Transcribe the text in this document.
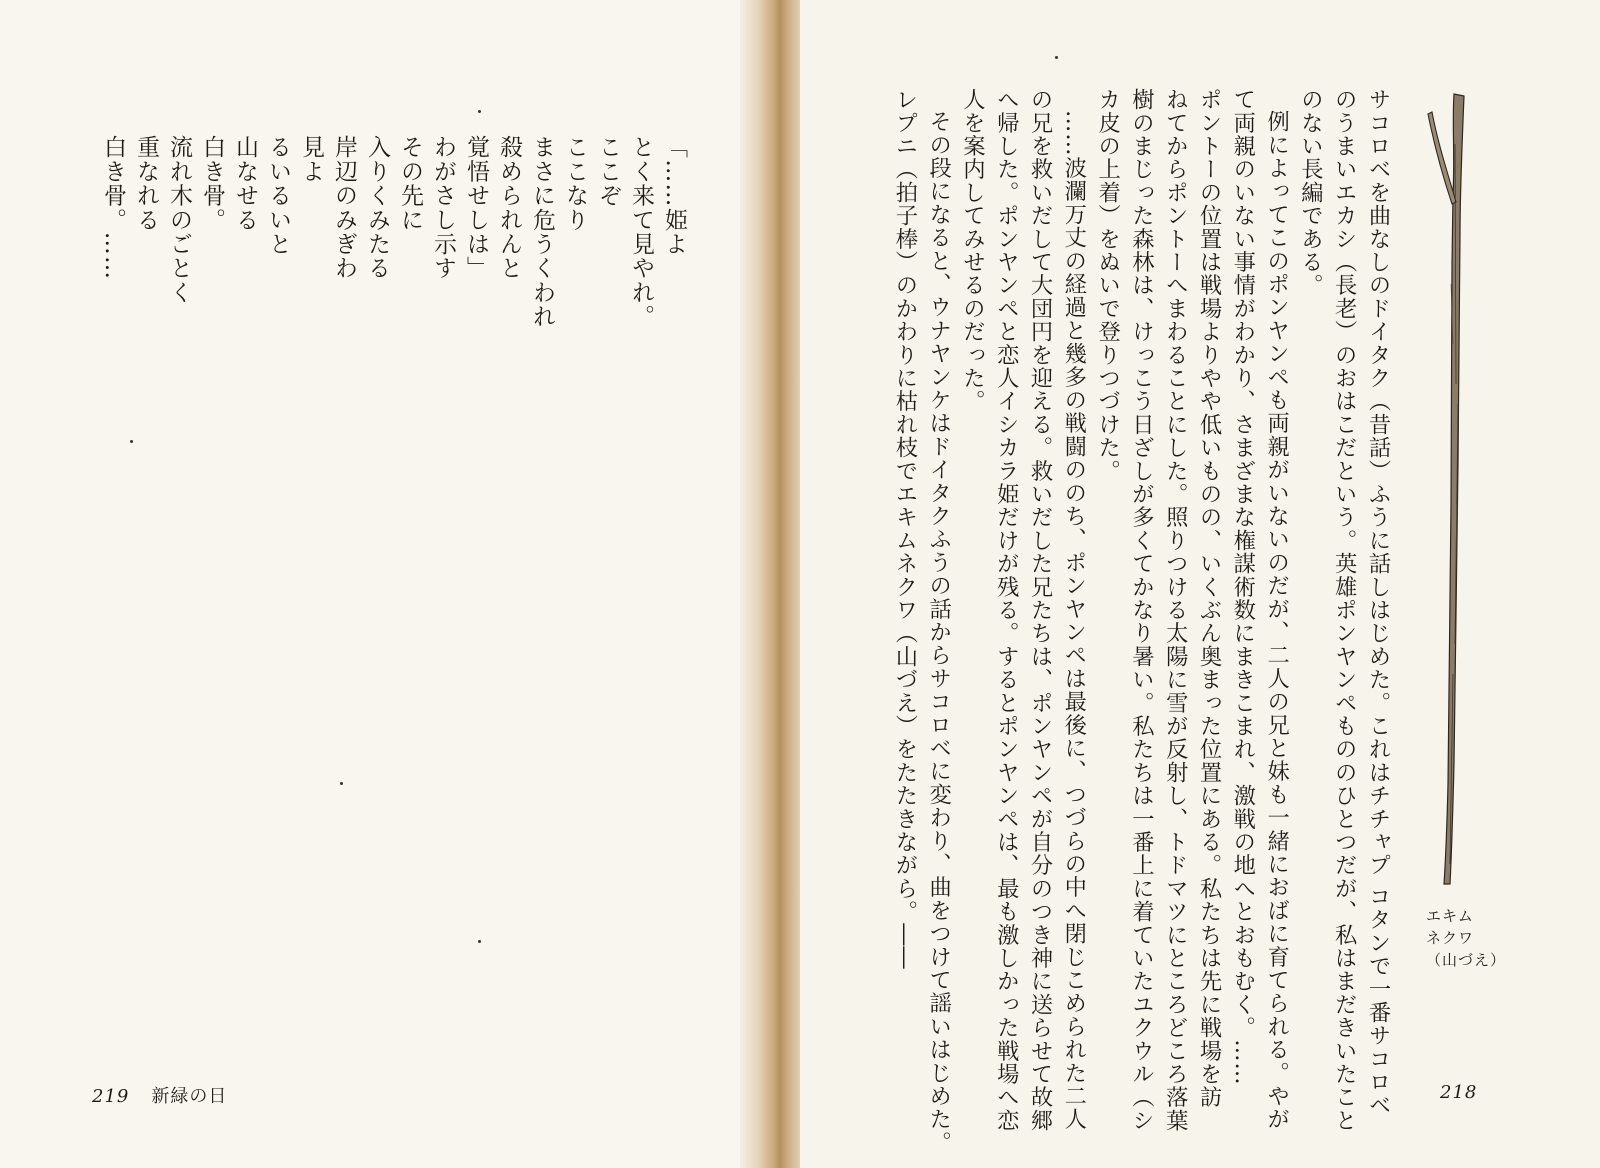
「……姫よ
とく来て見やれ。
ここぞ
ここなり
まさに危うくわれ
殺められんと
覚悟せしは」
わがさし示す
その先に
入りくみたる
岸辺のみぎわ
見よ
るいるいと
山なせる
白き骨。
流れ木のごとく
重なれる
白き骨。……
219 新緑の日	サコロベを曲なしのドイタク（昔話）ふうに話しはじめた。これはチチャプ コタンで一番サコロベ
のうまいエカシ（長老）のおはこだという。英雄ポンヤンペもののひとつだが、私はまだきいたこと
のない長編である。
例によってこのポンヤンペも両親がいないのだが、二人の兄と妹も一緒におばに育てられる。やが
て両親のいない事情がわかり、さまざまな権謀術数にまきこまれ、激戦の地へとおもむく。……
ポントーの位置は戦場よりやや低いものの、いくぶん奥まった位置にある。私たちは先に戦場を訪
ねてからポントーへまわることにした。照りつける太陽に雪が反射し、トドマツにところどころ落葉
樹のまじった森林は、けっこう日ざしが多くてかなり暑い。私たちは一番上に着ていたユクウル（シ
カ皮の上着）をぬいで登りつづけた。
……波瀾万丈の経過と幾多の戦闘ののち、ポンヤンペは最後に、つづらの中へ閉じこめられた二人
の兄を救いだして大団円を迎える。救いだした兄たちは、ポンヤンペが自分のつき神に送らせて故郷
へ帰した。ポンヤンペと恋人イシカラ姫だけが残る。するとポンヤンペは、最も激しかった戦場へ恋
人を案内してみせるのだった。
その段になると、ウナヤンケはドイタクふうの話からサコロベに変わり、曲をつけて謡いはじめた。
レプニ（拍子棒）のかわりに枯れ枝でエキムネクワ（山づえ）をたたきながら。――	エキム
ネクワ
（山づえ）
218
